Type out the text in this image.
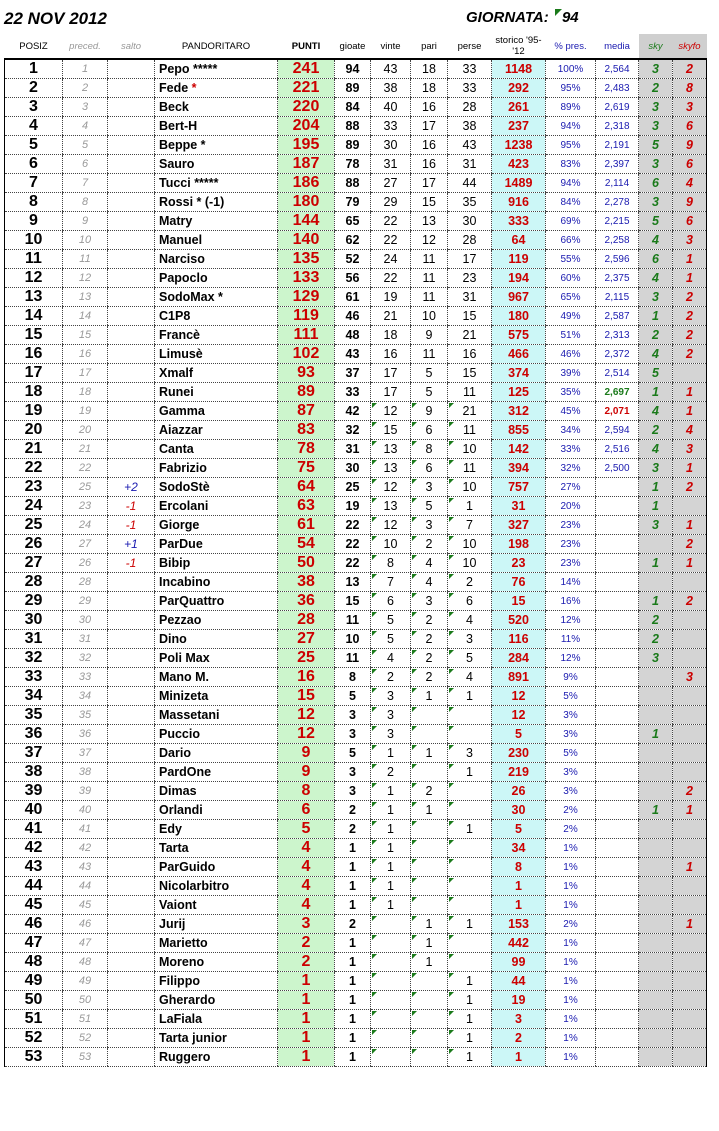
22 NOV 2012	GIORNATA: 94
POSIZ	preced.	salto	PANDORITARO	PUNTI	gioate	vinte	pari	perse	storico '95-'12	% pres.	media	sky	skyfo
1	1		Pepo *****	241	94	43	18	33	1148	100%	2,564	3	2
2	2		Fede *	221	89	38	18	33	292	95%	2,483	2	8
3	3		Beck	220	84	40	16	28	261	89%	2,619	3	3
4	4		Bert-H	204	88	33	17	38	237	94%	2,318	3	6
5	5		Beppe *	195	89	30	16	43	1238	95%	2,191	5	9
6	6		Sauro	187	78	31	16	31	423	83%	2,397	3	6
7	7		Tucci *****	186	88	27	17	44	1489	94%	2,114	6	4
8	8		Rossi * (-1)	180	79	29	15	35	916	84%	2,278	3	9
9	9		Matry	144	65	22	13	30	333	69%	2,215	5	6
10	10		Manuel	140	62	22	12	28	64	66%	2,258	4	3
11	11		Narciso	135	52	24	11	17	119	55%	2,596	6	1
12	12		Papoclo	133	56	22	11	23	194	60%	2,375	4	1
13	13		SodoMax *	129	61	19	11	31	967	65%	2,115	3	2
14	14		C1P8	119	46	21	10	15	180	49%	2,587	1	2
15	15		Francè	111	48	18	9	21	575	51%	2,313	2	2
16	16		Limusè	102	43	16	11	16	466	46%	2,372	4	2
17	17		Xmalf	93	37	17	5	15	374	39%	2,514	5	
18	18		Runei	89	33	17	5	11	125	35%	2,697	1	1
19	19		Gamma	87	42	12	9	21	312	45%	2,071	4	1
20	20		Aiazzar	83	32	15	6	11	855	34%	2,594	2	4
21	21		Canta	78	31	13	8	10	142	33%	2,516	4	3
22	22		Fabrizio	75	30	13	6	11	394	32%	2,500	3	1
23	25	+2	SodoStè	64	25	12	3	10	757	27%		1	2
24	23	-1	Ercolani	63	19	13	5	1	31	20%		1	
25	24	-1	Giorge	61	22	12	3	7	327	23%		3	1
26	27	+1	ParDue	54	22	10	2	10	198	23%			2
27	26	-1	Bibip	50	22	8	4	10	23	23%		1	1
28	28		Incabino	38	13	7	4	2	76	14%			
29	29		ParQuattro	36	15	6	3	6	15	16%		1	2
30	30		Pezzao	28	11	5	2	4	520	12%		2	
31	31		Dino	27	10	5	2	3	116	11%		2	
32	32		Poli Max	25	11	4	2	5	284	12%		3	
33	33		Mano M.	16	8	2	2	4	891	9%			3
34	34		Minizeta	15	5	3	1	1	12	5%			
35	35		Massetani	12	3	3			12	3%			
36	36		Puccio	12	3	3			5	3%		1	
37	37		Dario	9	5	1	1	3	230	5%			
38	38		PardOne	9	3	2		1	219	3%			
39	39		Dimas	8	3	1	2		26	3%			2
40	40		Orlandi	6	2	1	1		30	2%		1	1
41	41		Edy	5	2	1		1	5	2%			
42	42		Tarta	4	1	1			34	1%			
43	43		ParGuido	4	1	1			8	1%			1
44	44		Nicolarbitro	4	1	1			1	1%			
45	45		Vaiont	4	1	1			1	1%			
46	46		Jurij	3	2		1	1	153	2%			1
47	47		Marietto	2	1		1		442	1%			
48	48		Moreno	2	1		1		99	1%			
49	49		Filippo	1	1			1	44	1%			
50	50		Gherardo	1	1			1	19	1%			
51	51		LaFiala	1	1			1	3	1%			
52	52		Tarta junior	1	1			1	2	1%			
53	53		Ruggero	1	1			1	1	1%			
